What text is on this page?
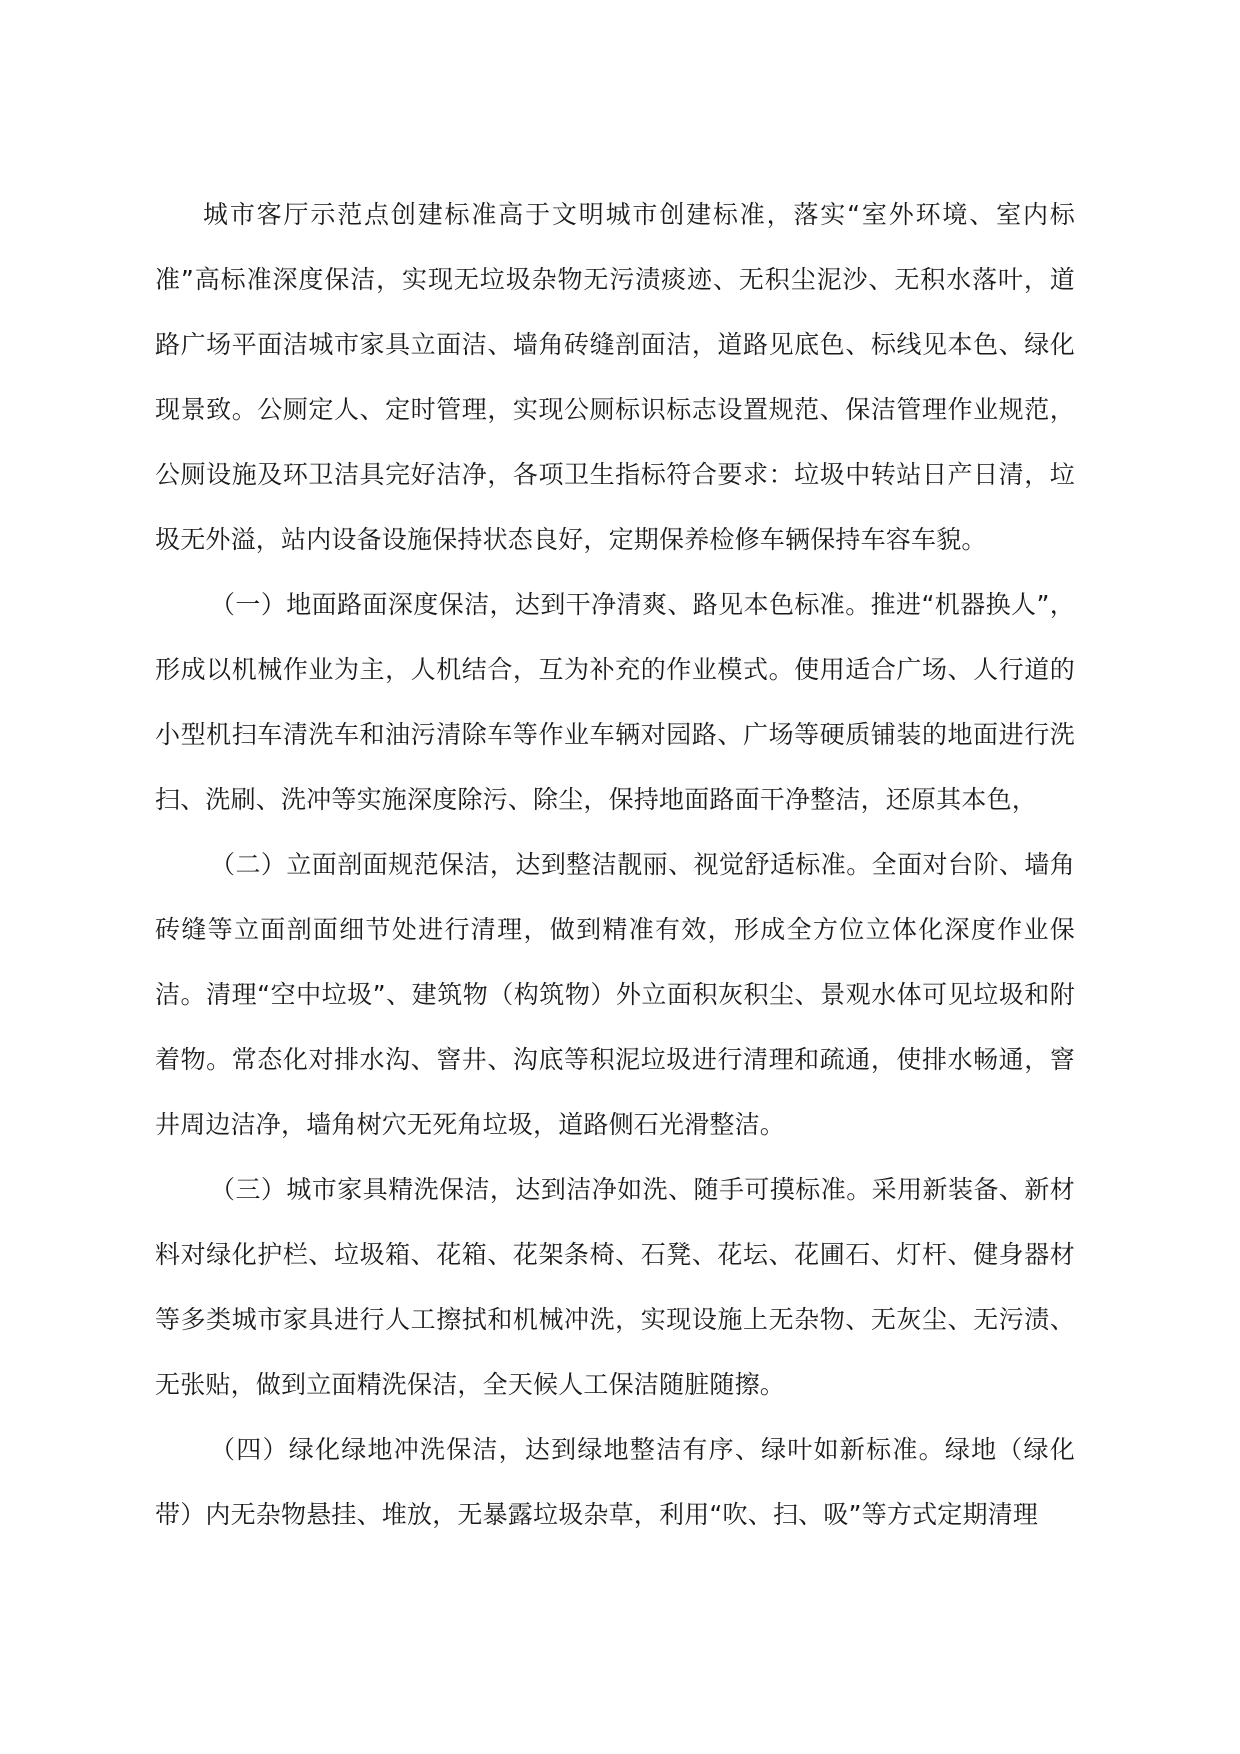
城市客厅示范点创建标准高于文明城市创建标准，落实“室外环境、室内标准”高标准深度保洁，实现无垃圾杂物无污渍痰迹、无积尘泥沙、无积水落叶，道路广场平面洁城市家具立面洁、墙角砖缝剖面洁，道路见底色、标线见本色、绿化现景致。公厕定人、定时管理，实现公厕标识标志设置规范、保洁管理作业规范，公厕设施及环卫洁具完好洁净，各项卫生指标符合要求：垃圾中转站日产日清，垃圾无外溢，站内设备设施保持状态良好，定期保养检修车辆保持车容车貌。

（一）地面路面深度保洁，达到干净清爽、路见本色标准。推进“机器换人”，形成以机械作业为主，人机结合，互为补充的作业模式。使用适合广场、人行道的小型机扫车清洗车和油污清除车等作业车辆对园路、广场等硬质铺装的地面进行洗扫、洗刷、洗冲等实施深度除污、除尘，保持地面路面干净整洁，还原其本色，

（二）立面剖面规范保洁，达到整洁靓丽、视觉舒适标准。全面对台阶、墙角砖缝等立面剖面细节处进行清理，做到精准有效，形成全方位立体化深度作业保洁。清理“空中垃圾”、建筑物（构筑物）外立面积灰积尘、景观水体可见垃圾和附着物。常态化对排水沟、窨井、沟底等积泥垃圾进行清理和疏通，使排水畅通，窨井周边洁净，墙角树穴无死角垃圾，道路侧石光滑整洁。

（三）城市家具精洗保洁，达到洁净如洗、随手可摸标准。采用新装备、新材料对绿化护栏、垃圾箱、花箱、花架条椅、石凳、花坛、花圃石、灯杆、健身器材等多类城市家具进行人工擦拭和机械冲洗，实现设施上无杂物、无灰尘、无污渍、无张贴，做到立面精洗保洁，全天候人工保洁随脏随擦。

（四）绿化绿地冲洗保洁，达到绿地整洁有序、绿叶如新标准。绿地（绿化带）内无杂物悬挂、堆放，无暴露垃圾杂草，利用“吹、扫、吸”等方式定期清理
